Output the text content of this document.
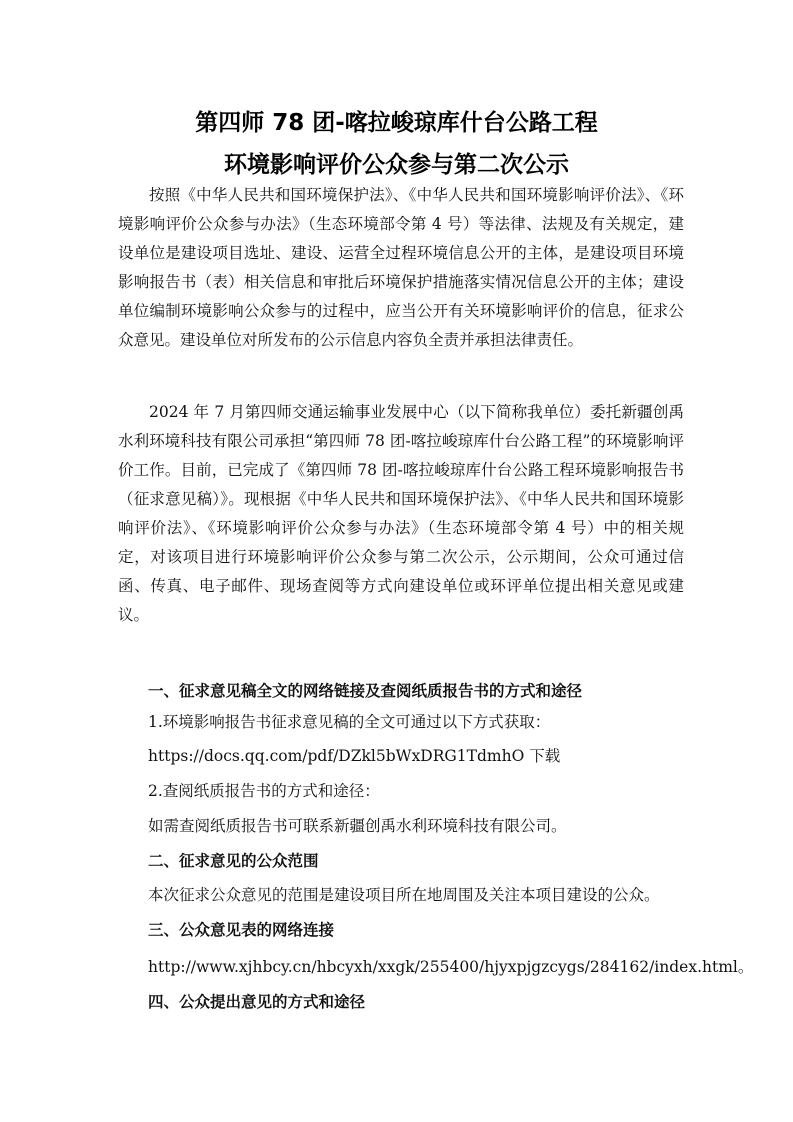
第四师 78 团-喀拉峻琼库什台公路工程
环境影响评价公众参与第二次公示

按照《中华人民共和国环境保护法》、《中华人民共和国环境影响评价法》、《环境影响评价公众参与办法》（生态环境部令第 4 号）等法律、法规及有关规定，建设单位是建设项目选址、建设、运营全过程环境信息公开的主体，是建设项目环境影响报告书（表）相关信息和审批后环境保护措施落实情况信息公开的主体；建设单位编制环境影响公众参与的过程中，应当公开有关环境影响评价的信息，征求公众意见。建设单位对所发布的公示信息内容负全责并承担法律责任。

2024 年 7 月第四师交通运输事业发展中心（以下简称我单位）委托新疆创禹水利环境科技有限公司承担“第四师 78 团-喀拉峻琼库什台公路工程”的环境影响评价工作。目前，已完成了《第四师 78 团-喀拉峻琼库什台公路工程环境影响报告书（征求意见稿）》。现根据《中华人民共和国环境保护法》、《中华人民共和国环境影响评价法》、《环境影响评价公众参与办法》（生态环境部令第 4 号）中的相关规定，对该项目进行环境影响评价公众参与第二次公示，公示期间，公众可通过信函、传真、电子邮件、现场查阅等方式向建设单位或环评单位提出相关意见或建议。

一、征求意见稿全文的网络链接及查阅纸质报告书的方式和途径
1.环境影响报告书征求意见稿的全文可通过以下方式获取：
https://docs.qq.com/pdf/DZkl5bWxDRG1TdmhO 下载
2.查阅纸质报告书的方式和途径：
如需查阅纸质报告书可联系新疆创禹水利环境科技有限公司。
二、征求意见的公众范围
本次征求公众意见的范围是建设项目所在地周围及关注本项目建设的公众。
三、公众意见表的网络连接
http://www.xjhbcy.cn/hbcyxh/xxgk/255400/hjyxpjgzcygs/284162/index.html。
四、公众提出意见的方式和途径
